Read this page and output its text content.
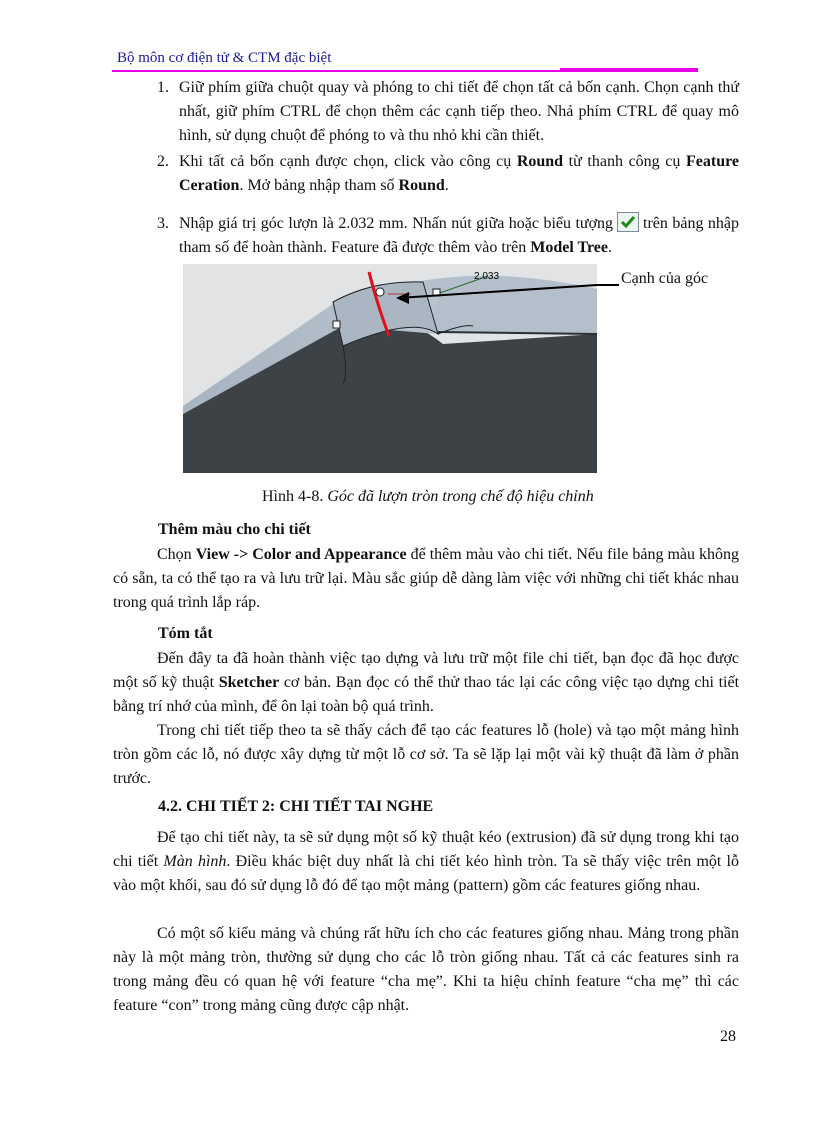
Bộ môn cơ điện tử & CTM đặc biệt
1. Giữ phím giữa chuột quay và phóng to chi tiết để chọn tất cả bốn cạnh. Chọn cạnh thứ nhất, giữ phím CTRL để chọn thêm các cạnh tiếp theo. Nhả phím CTRL để quay mô hình, sử dụng chuột để phóng to và thu nhỏ khi cần thiết.
2. Khi tất cả bốn cạnh được chọn, click vào công cụ Round từ thanh công cụ Feature Ceration. Mở bảng nhập tham số Round.
3. Nhập giá trị góc lượn là 2.032 mm. Nhấn nút giữa hoặc biểu tượng trên bảng nhập tham số để hoàn thành. Feature đã được thêm vào trên Model Tree.
2.033	Cạnh của góc
Hình 4-8. Góc đã lượn tròn trong chế độ hiệu chỉnh
Thêm màu cho chi tiết
Chọn View -> Color and Appearance để thêm màu vào chi tiết. Nếu file bảng màu không có sẵn, ta có thể tạo ra và lưu trữ lại. Màu sắc giúp dễ dàng làm việc với những chi tiết khác nhau trong quá trình lắp ráp.
Tóm tắt
Đến đây ta đã hoàn thành việc tạo dựng và lưu trữ một file chi tiết, bạn đọc đã học được một số kỹ thuật Sketcher cơ bản. Bạn đọc có thể thử thao tác lại các công việc tạo dựng chi tiết bằng trí nhớ của mình, để ôn lại toàn bộ quá trình.
Trong chi tiết tiếp theo ta sẽ thấy cách để tạo các features lỗ (hole) và tạo một mảng hình tròn gồm các lỗ, nó được xây dựng từ một lỗ cơ sở. Ta sẽ lặp lại một vài kỹ thuật đã làm ở phần trước.
4.2. CHI TIẾT 2: CHI TIẾT TAI NGHE
Để tạo chi tiết này, ta sẽ sử dụng một số kỹ thuật kéo (extrusion) đã sử dụng trong khi tạo chi tiết Màn hình. Điều khác biệt duy nhất là chi tiết kéo hình tròn. Ta sẽ thấy việc trên một lỗ vào một khối, sau đó sử dụng lỗ đó để tạo một mảng (pattern) gồm các features giống nhau.
Có một số kiểu mảng và chúng rất hữu ích cho các features giống nhau. Mảng trong phần này là một mảng tròn, thường sử dụng cho các lỗ tròn giống nhau. Tất cả các features sinh ra trong mảng đều có quan hệ với feature “cha mẹ”. Khi ta hiệu chỉnh feature “cha mẹ” thì các feature “con” trong mảng cũng được cập nhật.
28
